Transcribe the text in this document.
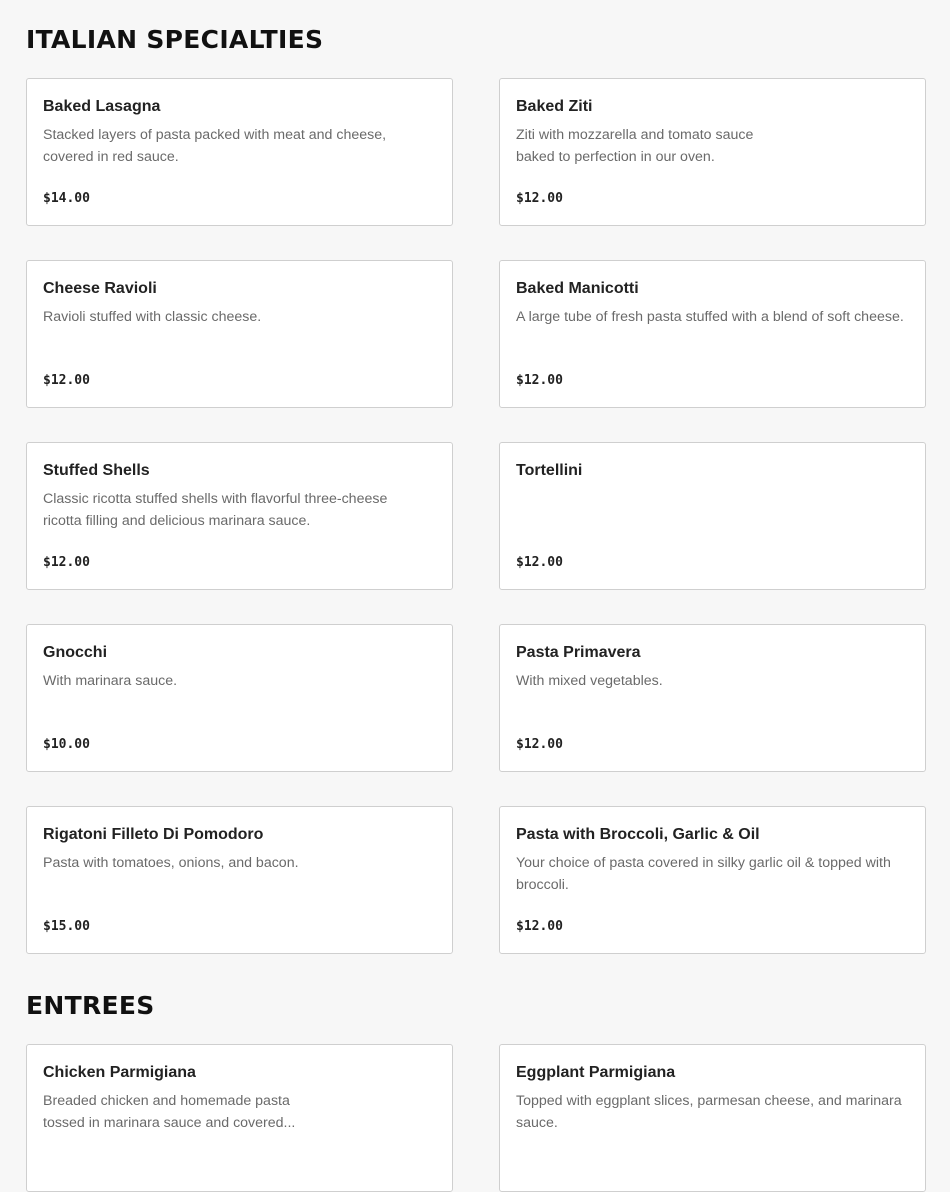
ITALIAN SPECIALTIES
Baked Lasagna
Stacked layers of pasta packed with meat and cheese, covered in red sauce.
$14.00
Baked Ziti
Ziti with mozzarella and tomato sauce baked to perfection in our oven.
$12.00
Cheese Ravioli
Ravioli stuffed with classic cheese.
$12.00
Baked Manicotti
A large tube of fresh pasta stuffed with a blend of soft cheese.
$12.00
Stuffed Shells
Classic ricotta stuffed shells with flavorful three-cheese ricotta filling and delicious marinara sauce.
$12.00
Tortellini
$12.00
Gnocchi
With marinara sauce.
$10.00
Pasta Primavera
With mixed vegetables.
$12.00
Rigatoni Filleto Di Pomodoro
Pasta with tomatoes, onions, and bacon.
$15.00
Pasta with Broccoli, Garlic & Oil
Your choice of pasta covered in silky garlic oil & topped with broccoli.
$12.00
ENTREES
Chicken Parmigiana
Breaded chicken and homemade pasta tossed in marinara sauce and covered...
Eggplant Parmigiana
Topped with eggplant slices, parmesan cheese, and marinara sauce.
